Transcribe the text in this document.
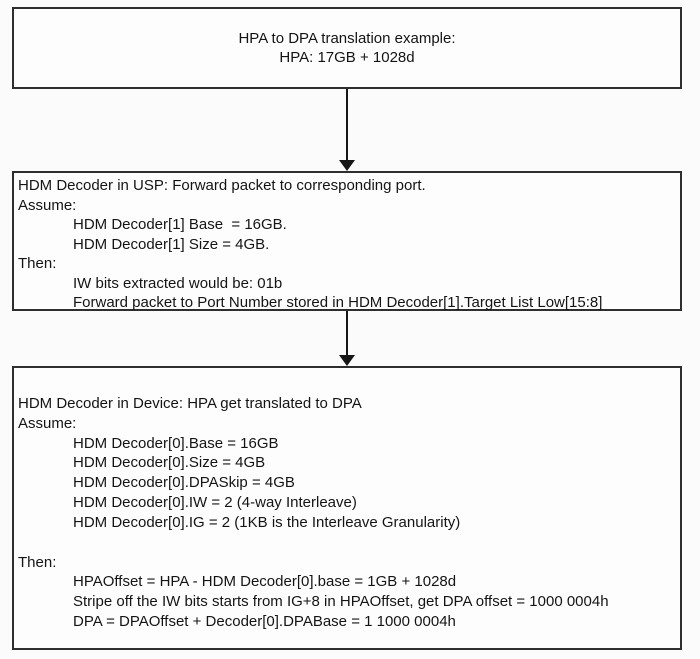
HPA to DPA translation example:
HPA: 17GB + 1028d
HDM Decoder in USP: Forward packet to corresponding port.
Assume:
HDM Decoder[1] Base  = 16GB.
HDM Decoder[1] Size = 4GB.
Then:
IW bits extracted would be: 01b
Forward packet to Port Number stored in HDM Decoder[1].Target List Low[15:8]
HDM Decoder in Device: HPA get translated to DPA
Assume:
HDM Decoder[0].Base = 16GB
HDM Decoder[0].Size = 4GB
HDM Decoder[0].DPASkip = 4GB
HDM Decoder[0].IW = 2 (4-way Interleave)
HDM Decoder[0].IG = 2 (1KB is the Interleave Granularity)
Then:
HPAOffset = HPA - HDM Decoder[0].base = 1GB + 1028d
Stripe off the IW bits starts from IG+8 in HPAOffset, get DPA offset = 1000 0004h
DPA = DPAOffset + Decoder[0].DPABase = 1 1000 0004h
